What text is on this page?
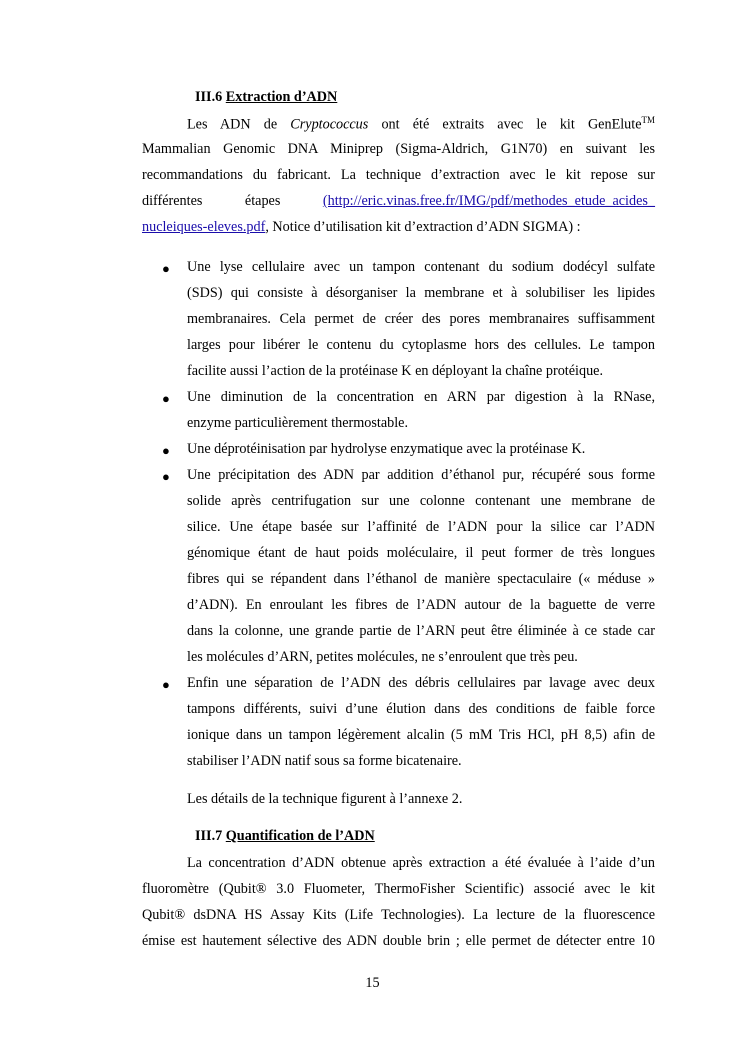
III.6 Extraction d’ADN
Les ADN de Cryptococcus ont été extraits avec le kit GenElute™
Mammalian Genomic DNA Miniprep (Sigma-Aldrich, G1N70) en suivant les
recommandations du fabricant. La technique d’extraction avec le kit repose sur
différentes	étapes	(http://eric.vinas.free.fr/IMG/pdf/methodes_etude_acides_
nucleiques-eleves.pdf, Notice d’utilisation kit d’extraction d’ADN SIGMA) :
● Une lyse cellulaire avec un tampon contenant du sodium dodécyl sulfate
(SDS) qui consiste à désorganiser la membrane et à solubiliser les lipides
membranaires. Cela permet de créer des pores membranaires suffisamment
larges pour libérer le contenu du cytoplasme hors des cellules. Le tampon
facilite aussi l’action de la protéinase K en déployant la chaîne protéique.
● Une diminution de la concentration en ARN par digestion à la RNase,
enzyme particulièrement thermostable.
● Une déprotéinisation par hydrolyse enzymatique avec la protéinase K.
● Une précipitation des ADN par addition d’éthanol pur, récupéré sous forme
solide après centrifugation sur une colonne contenant une membrane de
silice. Une étape basée sur l’affinité de l’ADN pour la silice car l’ADN
génomique étant de haut poids moléculaire, il peut former de très longues
fibres qui se répandent dans l’éthanol de manière spectaculaire (« méduse »
d’ADN). En enroulant les fibres de l’ADN autour de la baguette de verre
dans la colonne, une grande partie de l’ARN peut être éliminée à ce stade car
les molécules d’ARN, petites molécules, ne s’enroulent que très peu.
● Enfin une séparation de l’ADN des débris cellulaires par lavage avec deux
tampons différents, suivi d’une élution dans des conditions de faible force
ionique dans un tampon légèrement alcalin (5 mM Tris HCl, pH 8,5) afin de
stabiliser l’ADN natif sous sa forme bicatenaire.
Les détails de la technique figurent à l’annexe 2.
III.7 Quantification de l’ADN
La concentration d’ADN obtenue après extraction a été évaluée à l’aide d’un
fluoromètre (Qubit® 3.0 Fluometer, ThermoFisher Scientific) associé avec le kit
Qubit® dsDNA HS Assay Kits (Life Technologies). La lecture de la fluorescence
émise est hautement sélective des ADN double brin ; elle permet de détecter entre 10
15
